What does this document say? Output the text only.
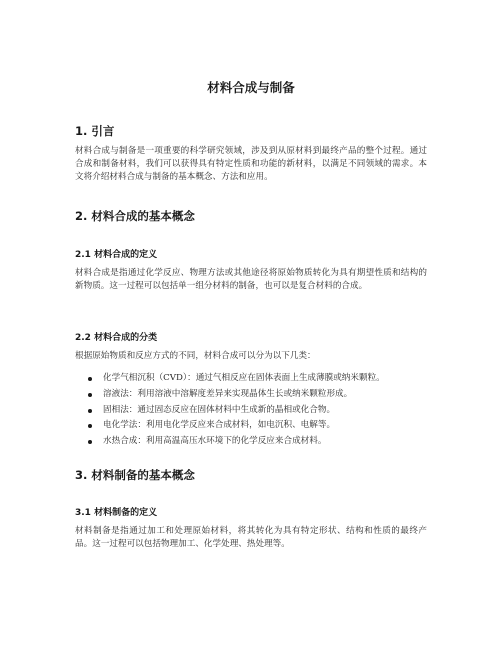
材料合成与制备
1. 引言
材料合成与制备是一项重要的科学研究领域，涉及到从原材料到最终产品的整个过程。通过合成和制备材料，我们可以获得具有特定性质和功能的新材料，以满足不同领域的需求。本文将介绍材料合成与制备的基本概念、方法和应用。
2. 材料合成的基本概念
2.1 材料合成的定义
材料合成是指通过化学反应、物理方法或其他途径将原始物质转化为具有期望性质和结构的新物质。这一过程可以包括单一组分材料的制备，也可以是复合材料的合成。
2.2 材料合成的分类
根据原始物质和反应方式的不同，材料合成可以分为以下几类：
化学气相沉积（CVD）：通过气相反应在固体表面上生成薄膜或纳米颗粒。
溶液法：利用溶液中溶解度差异来实现晶体生长或纳米颗粒形成。
固相法：通过固态反应在固体材料中生成新的晶相或化合物。
电化学法：利用电化学反应来合成材料，如电沉积、电解等。
水热合成：利用高温高压水环境下的化学反应来合成材料。
3. 材料制备的基本概念
3.1 材料制备的定义
材料制备是指通过加工和处理原始材料，将其转化为具有特定形状、结构和性质的最终产品。这一过程可以包括物理加工、化学处理、热处理等。
